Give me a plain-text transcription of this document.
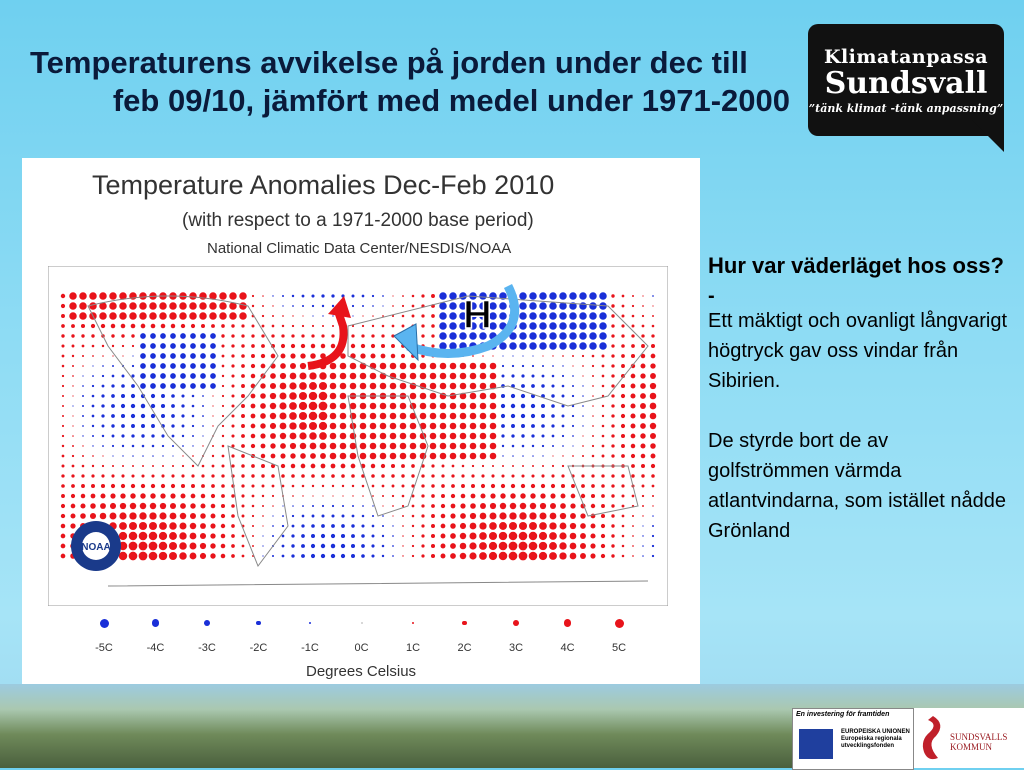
Temperaturens avvikelse på jorden under dec till
feb 09/10, jämfört med medel under 1971-2000
Klimatanpassa
Sundsvall
”tänk klimat -tänk anpassning”
Temperature Anomalies Dec-Feb 2010
(with respect to a 1971-2000 base period)
National Climatic Data Center/NESDIS/NOAA
H
NOAA
-5C	-4C	-3C	-2C	-1C	0C	1C	2C	3C	4C	5C
Degrees Celsius
Hur var väderläget hos oss?
-
Ett mäktigt och ovanligt långvarigt högtryck gav oss vindar från Sibirien.
De styrde bort de av golfströmmen värmda atlantvindarna, som istället nådde Grönland
En investering för framtiden
EUROPEISKA UNIONEN Europeiska regionala utvecklingsfonden
SUNDSVALLS
KOMMUN
